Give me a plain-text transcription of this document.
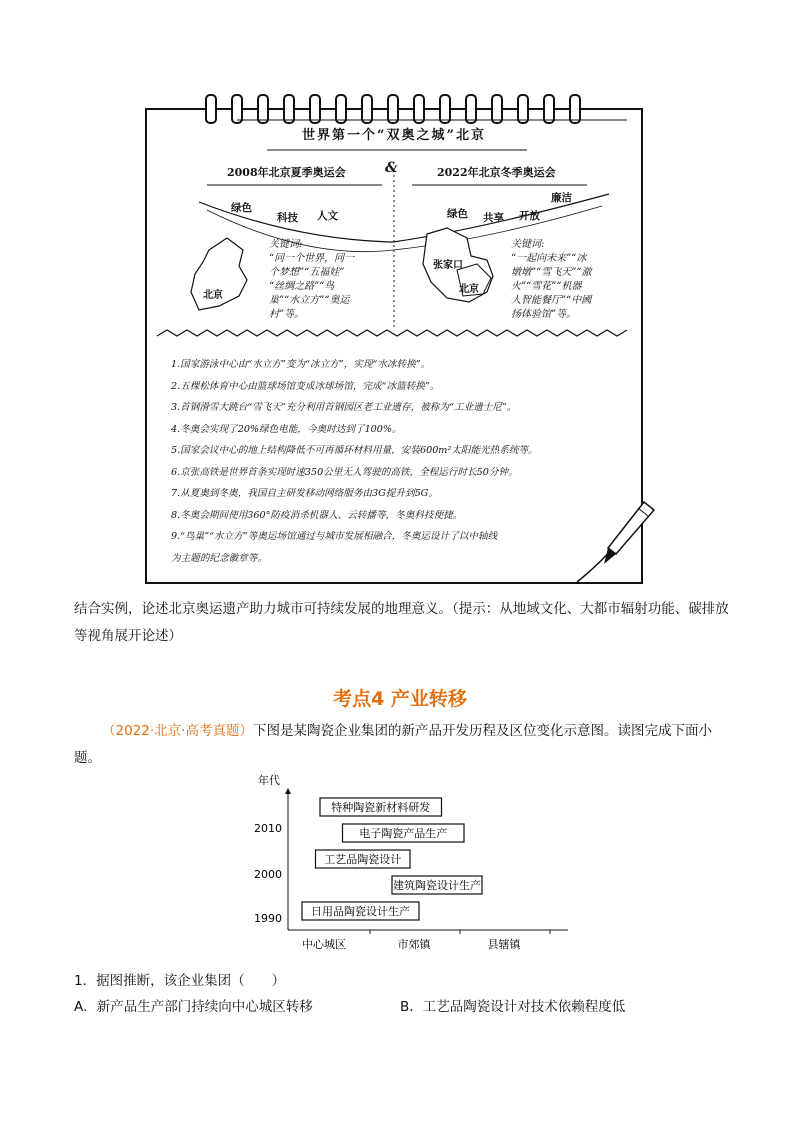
世界第一个“双奥之城”北京
2008年北京夏季奥运会	2022年北京冬季奥运会
&
绿色
科技 人文	绿色 共享 开放
廉洁
北京
张家口
北京
关键词:
“同一个世界，同一
个梦想”“五福娃”
“丝绸之路”“鸟
巢”“水立方”“奥运
村”等。
关键词:
“一起向未来”“冰
墩墩”“雪飞天”“澈
火”“雪花”“机器
人智能餐厅”“中國
扬体验馆”等。
1.国家游泳中心由“水立方”变为“冰立方”，实现“水冰转换”。
2.五棵松体育中心由篮球场馆变成冰球场馆，完成“冰篮转换”。
3.首钢滑雪大跳台“雪飞天”充分利用首钢园区老工业遗存，被称为“工业遗士尼”。
4.冬奥会实现了20%绿色电能，今奥时达到了100%。
5.国家会议中心的地上结构降低不可再循环材料用量，安装600m²太阳能光热系统等。
6.京张高铁是世界首条实现时速350公里无人驾驶的高铁，全程运行时长50分钟。
7.从夏奥到冬奥，我国自主研发移动网络服务由3G提升到5G。
8.冬奥会期间使用360°防疫消杀机器人、云转播等，冬奥科技便捷。
9.“鸟巢”“水立方”等奥运场馆通过与城市发展相融合，冬奥运设计了以中轴线
为主题的纪念徽章等。
结合实例，论述北京奥运遗产助力城市可持续发展的地理意义。（提示：从地域文化、大都市辐射功能、碳排放等视角展开论述）
考点4 产业转移
（2022·北京·高考真题）下图是某陶瓷企业集团的新产品开发历程及区位变化示意图。读图完成下面小题。
年代
2010
2000
1990
中心城区	市郊镇	县辖镇
特种陶瓷新材料研发
电子陶瓷产品生产
工艺品陶瓷设计
建筑陶瓷设计生产
日用品陶瓷设计生产
1．据图推断，该企业集团（　　）
A．新产品生产部门持续向中心城区转移	B．工艺品陶瓷设计对技术依赖程度低
